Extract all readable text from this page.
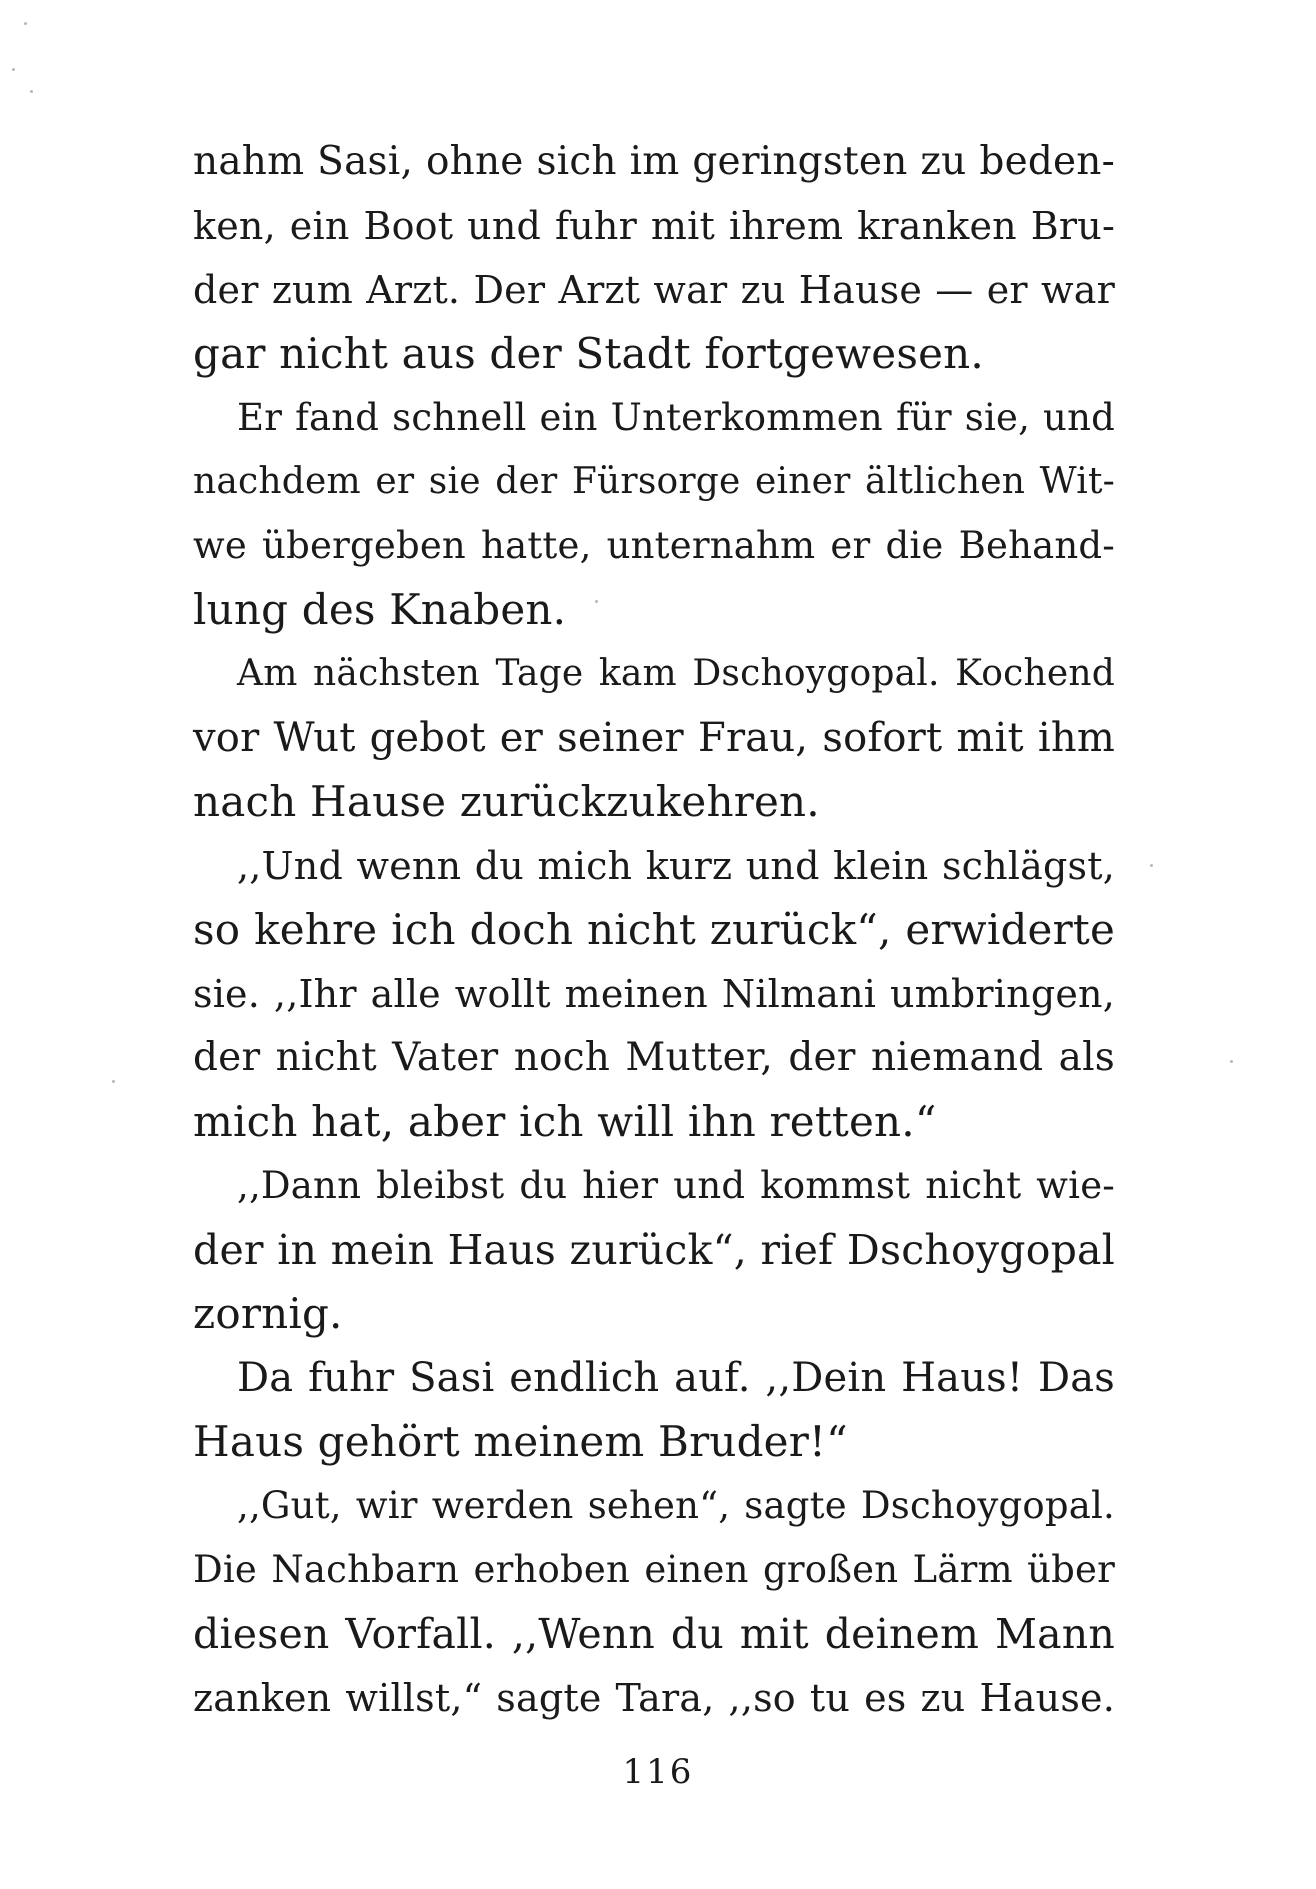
nahm Sasi, ohne sich im geringsten zu beden-
ken, ein Boot und fuhr mit ihrem kranken Bru-
der zum Arzt. Der Arzt war zu Hause — er war
gar nicht aus der Stadt fortgewesen.
Er fand schnell ein Unterkommen für sie, und
nachdem er sie der Fürsorge einer ältlichen Wit-
we übergeben hatte, unternahm er die Behand-
lung des Knaben.
Am nächsten Tage kam Dschoygopal. Kochend
vor Wut gebot er seiner Frau, sofort mit ihm
nach Hause zurückzukehren.
,,Und wenn du mich kurz und klein schlägst,
so kehre ich doch nicht zurück“, erwiderte
sie. ,,Ihr alle wollt meinen Nilmani umbringen,
der nicht Vater noch Mutter, der niemand als
mich hat, aber ich will ihn retten.“
,,Dann bleibst du hier und kommst nicht wie-
der in mein Haus zurück“, rief Dschoygopal
zornig.
Da fuhr Sasi endlich auf. ,,Dein Haus! Das
Haus gehört meinem Bruder!“
,,Gut, wir werden sehen“, sagte Dschoygopal.
Die Nachbarn erhoben einen großen Lärm über
diesen Vorfall. ,,Wenn du mit deinem Mann
zanken willst,“ sagte Tara, ,,so tu es zu Hause.
116
